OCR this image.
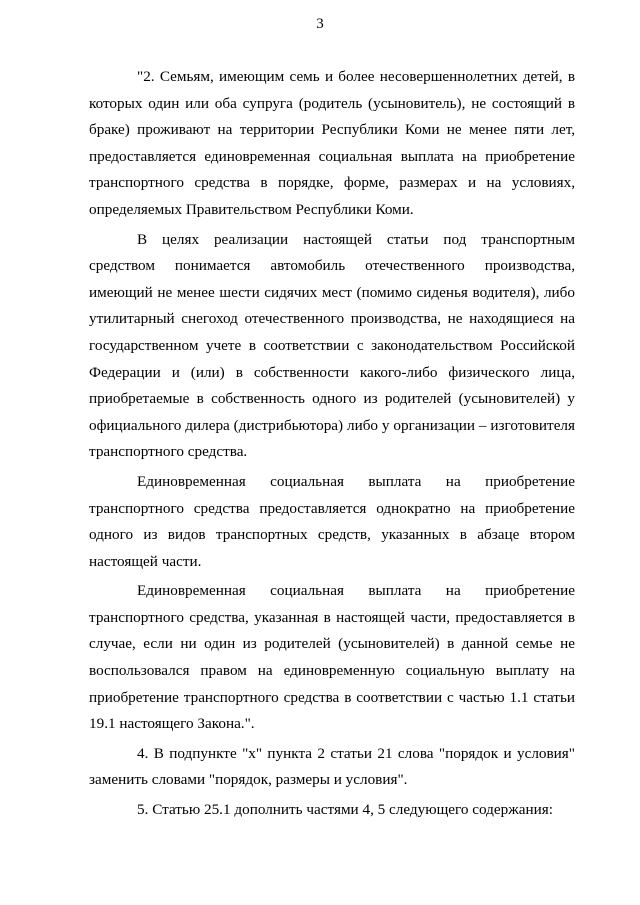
3

"2. Семьям, имеющим семь и более несовершеннолетних детей, в которых один или оба супруга (родитель (усыновитель), не состоящий в браке) проживают на территории Республики Коми не менее пяти лет, предоставляется единовременная социальная выплата на приобретение транспортного средства в порядке, форме, размерах и на условиях, определяемых Правительством Республики Коми.

В целях реализации настоящей статьи под транспортным средством понимается автомобиль отечественного производства, имеющий не менее шести сидячих мест (помимо сиденья водителя), либо утилитарный снегоход отечественного производства, не находящиеся на государственном учете в соответствии с законодательством Российской Федерации и (или) в собственности какого-либо физического лица, приобретаемые в собственность одного из родителей (усыновителей) у официального дилера (дистрибьютора) либо у организации – изготовителя транспортного средства.

Единовременная социальная выплата на приобретение транспортного средства предоставляется однократно на приобретение одного из видов транспортных средств, указанных в абзаце втором настоящей части.

Единовременная социальная выплата на приобретение транспортного средства, указанная в настоящей части, предоставляется в случае, если ни один из родителей (усыновителей) в данной семье не воспользовался правом на единовременную социальную выплату на приобретение транспортного средства в соответствии с частью 1.1 статьи 19.1 настоящего Закона.".

4. В подпункте "х" пункта 2 статьи 21 слова "порядок и условия" заменить словами "порядок, размеры и условия".

5. Статью 25.1 дополнить частями 4, 5 следующего содержания:
